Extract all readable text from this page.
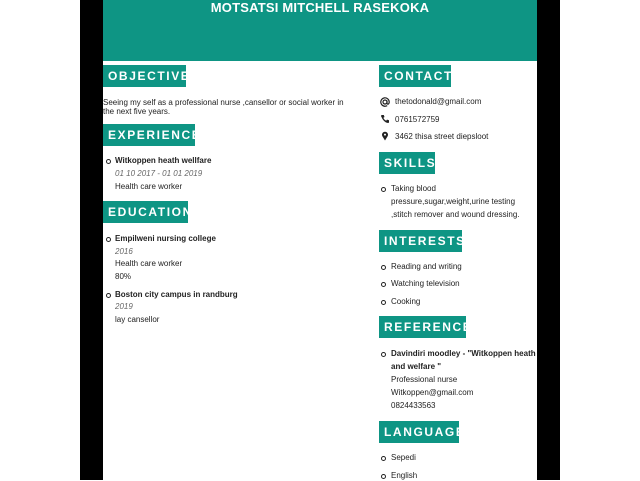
MOTSATSI MITCHELL RASEKOKA
OBJECTIVE
Seeing my self as a professional nurse ,cansellor or social worker in
the next five years.
EXPERIENCE
Witkoppen heath wellfare
01 10 2017 - 01 01 2019
Health care worker
EDUCATION
Empilweni nursing college
2016
Health care worker
80%
Boston city campus in randburg
2019
lay cansellor
CONTACT
thetodonald@gmail.com
0761572759
3462 thisa street diepsloot
SKILLS
Taking blood
pressure,sugar,weight,urine testing
,stitch remover and wound dressing.
INTERESTS
Reading and writing
Watching television
Cooking
REFERENCE
Davindiri moodley - "Witkoppen heath
and welfare "
Professional nurse
Witkoppen@gmail.com
0824433563
LANGUAGE
Sepedi
English
